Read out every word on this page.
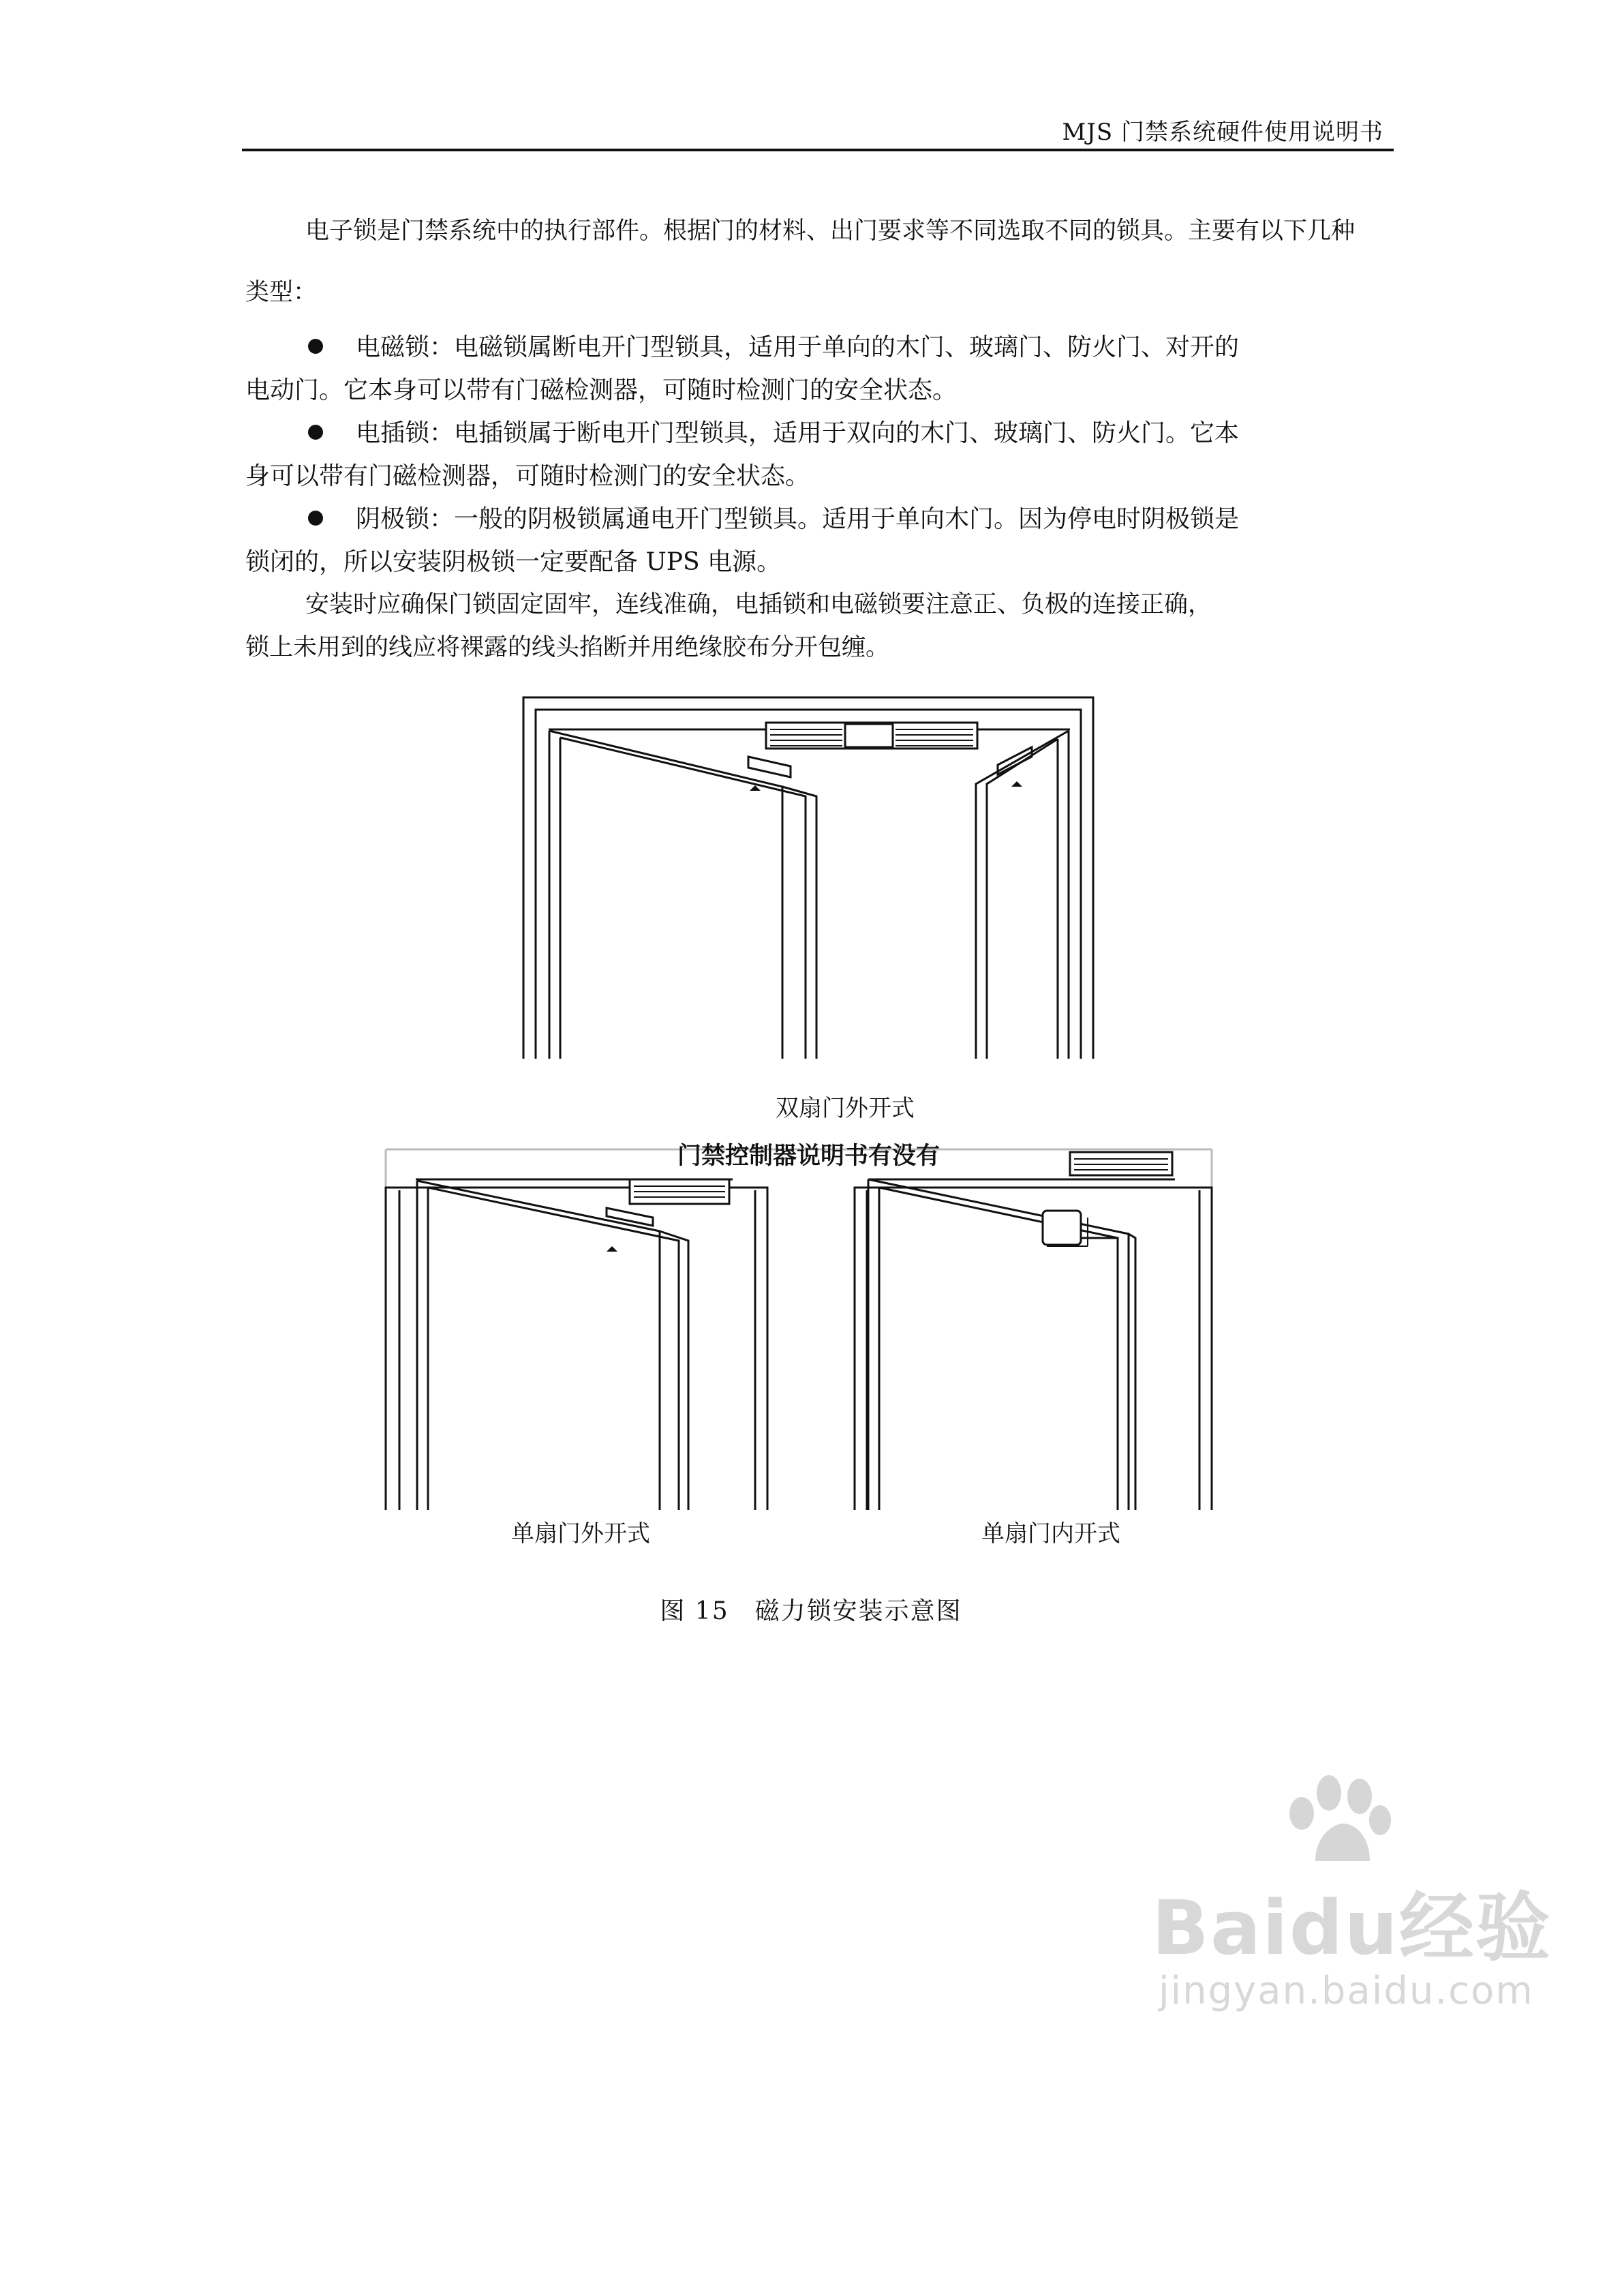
MJS 门禁系统硬件使用说明书
电子锁是门禁系统中的执行部件。根据门的材料、出门要求等不同选取不同的锁具。主要有以下几种
类型：
电磁锁：电磁锁属断电开门型锁具，适用于单向的木门、玻璃门、防火门、对开的
电动门。它本身可以带有门磁检测器，可随时检测门的安全状态。
电插锁：电插锁属于断电开门型锁具，适用于双向的木门、玻璃门、防火门。它本
身可以带有门磁检测器，可随时检测门的安全状态。
阴极锁：一般的阴极锁属通电开门型锁具。适用于单向木门。因为停电时阴极锁是
锁闭的，所以安装阴极锁一定要配备 UPS 电源。
安装时应确保门锁固定固牢，连线准确，电插锁和电磁锁要注意正、负极的连接正确，
锁上未用到的线应将裸露的线头掐断并用绝缘胶布分开包缠。
双扇门外开式
门禁控制器说明书有没有
单扇门外开式	单扇门内开式
图 15　磁力锁安装示意图
Baidu经验
jingyan.baidu.com
